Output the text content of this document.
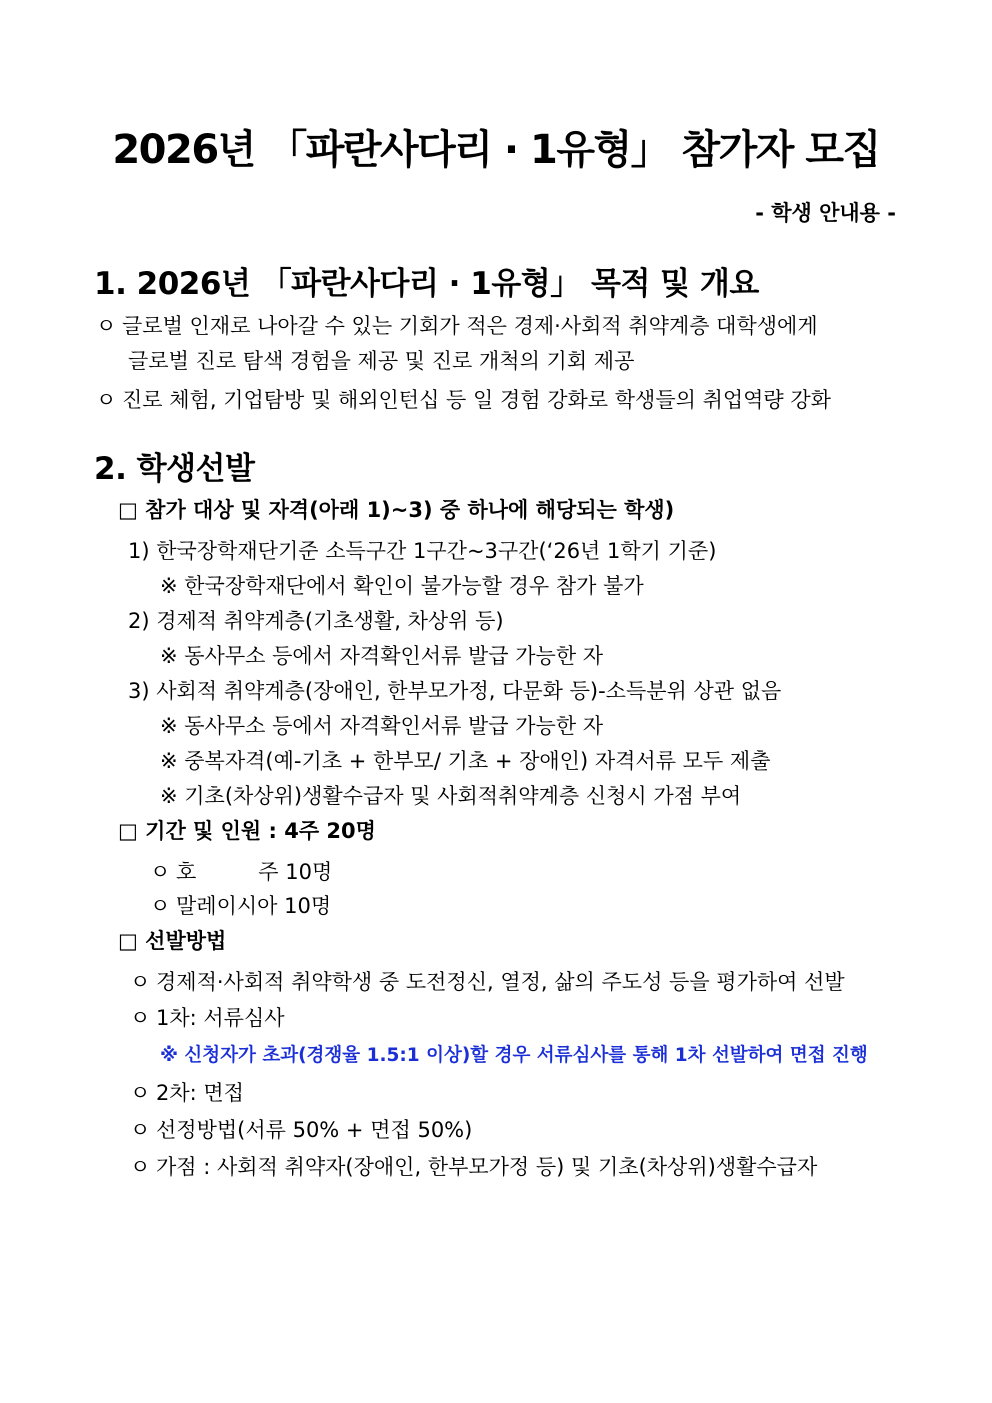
2026년 「파란사다리 · 1유형」 참가자 모집
- 학생 안내용 -
1. 2026년 「파란사다리 · 1유형」 목적 및 개요
ㅇ 글로벌 인재로 나아갈 수 있는 기회가 적은 경제·사회적 취약계층 대학생에게
글로벌 진로 탐색 경험을 제공 및 진로 개척의 기회 제공
ㅇ 진로 체험, 기업탐방 및 해외인턴십 등 일 경험 강화로 학생들의 취업역량 강화
2. 학생선발
□ 참가 대상 및 자격(아래 1)~3) 중 하나에 해당되는 학생)
1) 한국장학재단기준 소득구간 1구간~3구간(‘26년 1학기 기준)
※ 한국장학재단에서 확인이 불가능할 경우 참가 불가
2) 경제적 취약계층(기초생활, 차상위 등)
※ 동사무소 등에서 자격확인서류 발급 가능한 자
3) 사회적 취약계층(장애인, 한부모가정, 다문화 등)-소득분위 상관 없음
※ 동사무소 등에서 자격확인서류 발급 가능한 자
※ 중복자격(예-기초 + 한부모/ 기초 + 장애인) 자격서류 모두 제출
※ 기초(차상위)생활수급자 및 사회적취약계층 신청시 가점 부여
□ 기간 및 인원 : 4주 20명
ㅇ 호	주 10명
ㅇ 말레이시아 10명
□ 선발방법
ㅇ 경제적·사회적 취약학생 중 도전정신, 열정, 삶의 주도성 등을 평가하여 선발
ㅇ 1차: 서류심사
※ 신청자가 초과(경쟁율 1.5:1 이상)할 경우 서류심사를 통해 1차 선발하여 면접 진행
ㅇ 2차: 면접
ㅇ 선정방법(서류 50% + 면접 50%)
ㅇ 가점 : 사회적 취약자(장애인, 한부모가정 등) 및 기초(차상위)생활수급자
